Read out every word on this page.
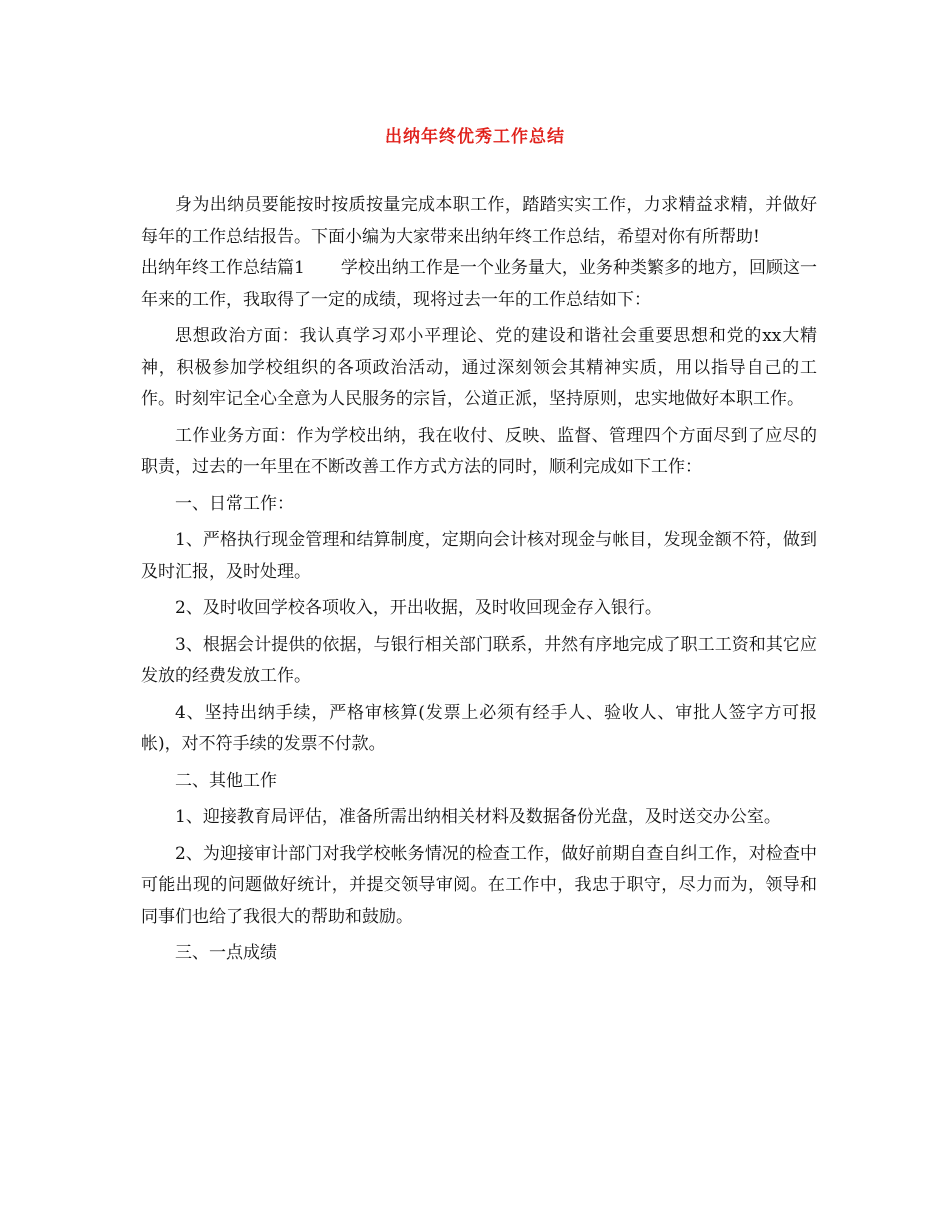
出纳年终优秀工作总结

身为出纳员要能按时按质按量完成本职工作，踏踏实实工作，力求精益求精，并做好每年的工作总结报告。下面小编为大家带来出纳年终工作总结，希望对你有所帮助!

出纳年终工作总结篇1 学校出纳工作是一个业务量大，业务种类繁多的地方，回顾这一年来的工作，我取得了一定的成绩，现将过去一年的工作总结如下：

思想政治方面：我认真学习邓小平理论、党的建设和谐社会重要思想和党的xx大精神，积极参加学校组织的各项政治活动，通过深刻领会其精神实质，用以指导自己的工作。时刻牢记全心全意为人民服务的宗旨，公道正派，坚持原则，忠实地做好本职工作。

工作业务方面：作为学校出纳，我在收付、反映、监督、管理四个方面尽到了应尽的职责，过去的一年里在不断改善工作方式方法的同时，顺利完成如下工作：

一、日常工作：

1、严格执行现金管理和结算制度，定期向会计核对现金与帐目，发现金额不符，做到及时汇报，及时处理。

2、及时收回学校各项收入，开出收据，及时收回现金存入银行。

3、根据会计提供的依据，与银行相关部门联系，井然有序地完成了职工工资和其它应发放的经费发放工作。

4、坚持出纳手续，严格审核算(发票上必须有经手人、验收人、审批人签字方可报帐)，对不符手续的发票不付款。

二、其他工作

1、迎接教育局评估，准备所需出纳相关材料及数据备份光盘，及时送交办公室。

2、为迎接审计部门对我学校帐务情况的检查工作，做好前期自查自纠工作，对检查中可能出现的问题做好统计，并提交领导审阅。在工作中，我忠于职守，尽力而为，领导和同事们也给了我很大的帮助和鼓励。

三、一点成绩
